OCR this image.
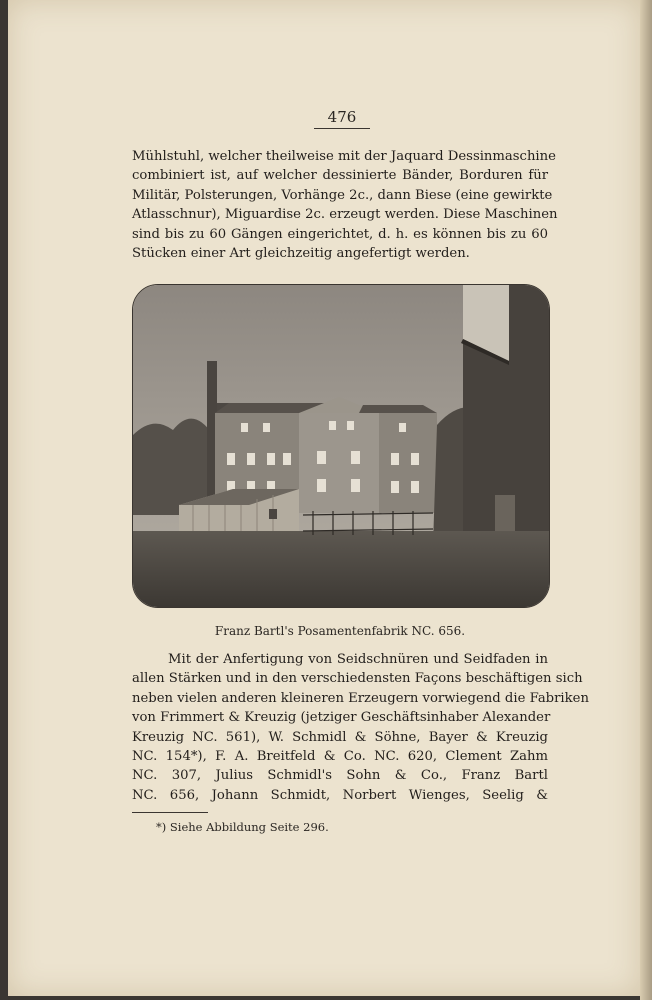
476
Mühlstuhl, welcher theilweise mit der Jaquard Dessinmaschine
combiniert ist, auf welcher dessinierte Bänder, Borduren für
Militär, Polsterungen, Vorhänge 2c., dann Biese (eine gewirkte
Atlasschnur), Miguardise 2c. erzeugt werden. Diese Maschinen
sind bis zu 60 Gängen eingerichtet, d. h. es können bis zu 60
Stücken einer Art gleichzeitig angefertigt werden.
Franz Bartl's Posamentenfabrik NC. 656.
Mit der Anfertigung von Seidschnüren und Seidfaden in
allen Stärken und in den verschiedensten Façons beschäftigen sich
neben vielen anderen kleineren Erzeugern vorwiegend die Fabriken
von Frimmert & Kreuzig (jetziger Geschäftsinhaber Alexander
Kreuzig NC. 561), W. Schmidl & Söhne, Bayer & Kreuzig
NC. 154*), F. A. Breitfeld & Co. NC. 620, Clement Zahm
NC. 307, Julius Schmidl's Sohn & Co., Franz Bartl
NC. 656, Johann Schmidt, Norbert Wienges, Seelig &
*) Siehe Abbildung Seite 296.
